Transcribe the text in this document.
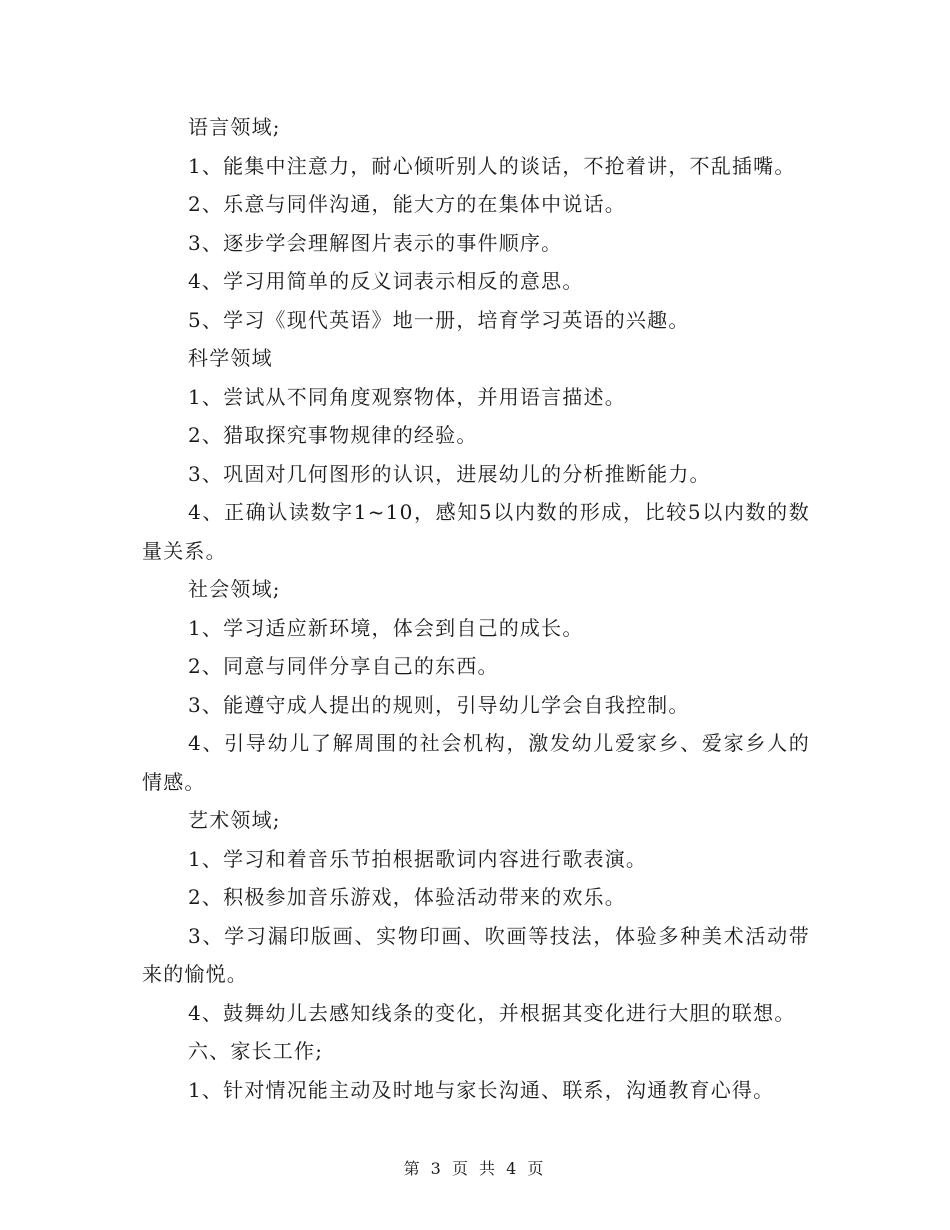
语言领域;

1、能集中注意力，耐心倾听别人的谈话，不抢着讲，不乱插嘴。

2、乐意与同伴沟通，能大方的在集体中说话。

3、逐步学会理解图片表示的事件顺序。

4、学习用简单的反义词表示相反的意思。

5、学习《现代英语》地一册，培育学习英语的兴趣。

科学领域

1、尝试从不同角度观察物体，并用语言描述。

2、猎取探究事物规律的经验。

3、巩固对几何图形的认识，进展幼儿的分析推断能力。

4、正确认读数字1~10，感知5以内数的形成，比较5以内数的数量关系。

社会领域;

1、学习适应新环境，体会到自己的成长。

2、同意与同伴分享自己的东西。

3、能遵守成人提出的规则，引导幼儿学会自我控制。

4、引导幼儿了解周围的社会机构，激发幼儿爱家乡、爱家乡人的情感。

艺术领域;

1、学习和着音乐节拍根据歌词内容进行歌表演。

2、积极参加音乐游戏，体验活动带来的欢乐。

3、学习漏印版画、实物印画、吹画等技法，体验多种美术活动带来的愉悦。

4、鼓舞幼儿去感知线条的变化，并根据其变化进行大胆的联想。

六、家长工作;

1、针对情况能主动及时地与家长沟通、联系，沟通教育心得。

第 3 页 共 4 页
